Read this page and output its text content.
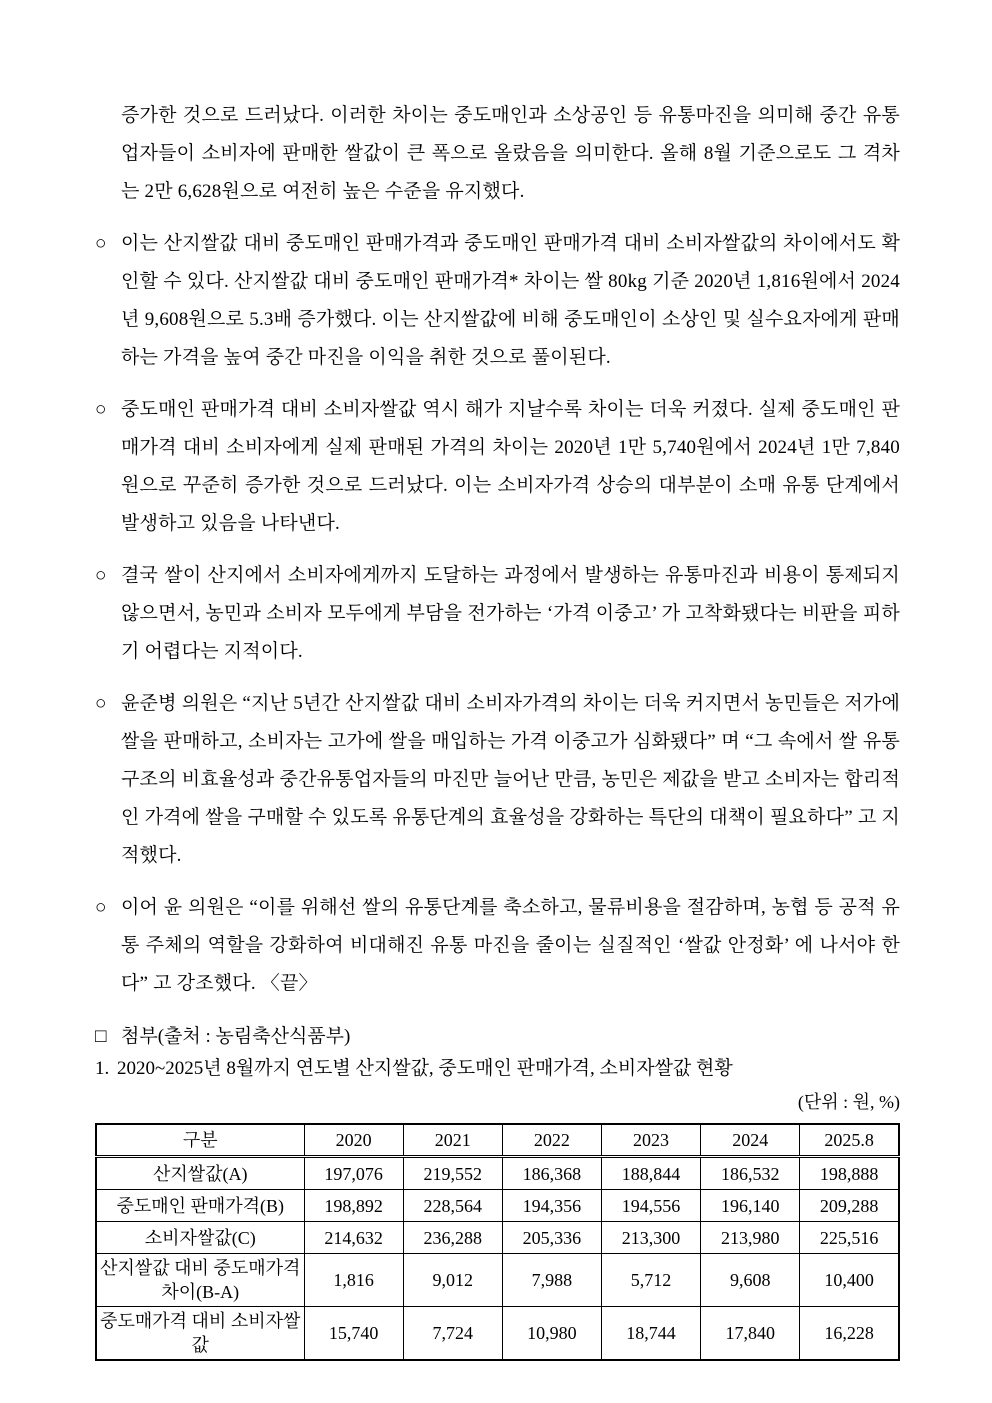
증가한 것으로 드러났다. 이러한 차이는 중도매인과 소상공인 등 유통마진을 의미해 중간 유통업자들이 소비자에 판매한 쌀값이 큰 폭으로 올랐음을 의미한다. 올해 8월 기준으로도 그 격차는 2만 6,628원으로 여전히 높은 수준을 유지했다.

○ 이는 산지쌀값 대비 중도매인 판매가격과 중도매인 판매가격 대비 소비자쌀값의 차이에서도 확인할 수 있다. 산지쌀값 대비 중도매인 판매가격* 차이는 쌀 80kg 기준 2020년 1,816원에서 2024년 9,608원으로 5.3배 증가했다. 이는 산지쌀값에 비해 중도매인이 소상인 및 실수요자에게 판매하는 가격을 높여 중간 마진을 이익을 취한 것으로 풀이된다.

○ 중도매인 판매가격 대비 소비자쌀값 역시 해가 지날수록 차이는 더욱 커졌다. 실제 중도매인 판매가격 대비 소비자에게 실제 판매된 가격의 차이는 2020년 1만 5,740원에서 2024년 1만 7,840원으로 꾸준히 증가한 것으로 드러났다. 이는 소비자가격 상승의 대부분이 소매 유통 단계에서 발생하고 있음을 나타낸다.

○ 결국 쌀이 산지에서 소비자에게까지 도달하는 과정에서 발생하는 유통마진과 비용이 통제되지 않으면서, 농민과 소비자 모두에게 부담을 전가하는 ‘가격 이중고’ 가 고착화됐다는 비판을 피하기 어렵다는 지적이다.

○ 윤준병 의원은 “지난 5년간 산지쌀값 대비 소비자가격의 차이는 더욱 커지면서 농민들은 저가에 쌀을 판매하고, 소비자는 고가에 쌀을 매입하는 가격 이중고가 심화됐다” 며 “그 속에서 쌀 유통구조의 비효율성과 중간유통업자들의 마진만 늘어난 만큼, 농민은 제값을 받고 소비자는 합리적인 가격에 쌀을 구매할 수 있도록 유통단계의 효율성을 강화하는 특단의 대책이 필요하다” 고 지적했다.

○ 이어 윤 의원은 “이를 위해선 쌀의 유통단계를 축소하고, 물류비용을 절감하며, 농협 등 공적 유통 주체의 역할을 강화하여 비대해진 유통 마진을 줄이는 실질적인 ‘쌀값 안정화’ 에 나서야 한다” 고 강조했다. 〈끝〉

□ 첨부(출처 : 농림축산식품부)
1. 2020~2025년 8월까지 연도별 산지쌀값, 중도매인 판매가격, 소비자쌀값 현황
(단위 : 원, %)
구분	2020	2021	2022	2023	2024	2025.8
산지쌀값(A)	197,076	219,552	186,368	188,844	186,532	198,888
중도매인 판매가격(B)	198,892	228,564	194,356	194,556	196,140	209,288
소비자쌀값(C)	214,632	236,288	205,336	213,300	213,980	225,516
산지쌀값 대비 중도매가격 차이(B-A)	1,816	9,012	7,988	5,712	9,608	10,400
중도매가격 대비 소비자쌀값	15,740	7,724	10,980	18,744	17,840	16,228
